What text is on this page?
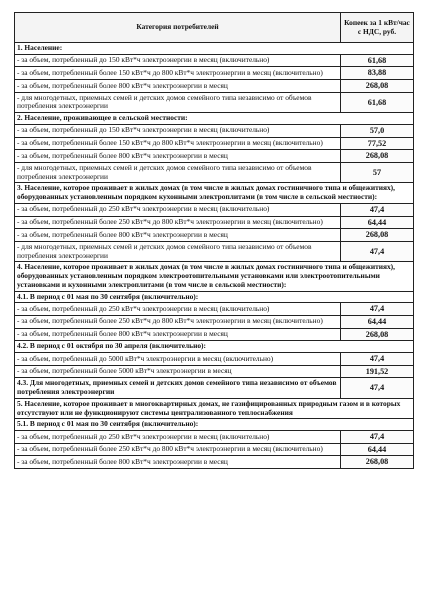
Категория потребителей	Копеек за 1 кВт/час с НДС, руб.
1. Население:	
- за объем, потребленный до 150 кВт*ч электроэнергии в месяц (включительно)	61,68
- за объем, потребленный более 150 кВт*ч до 800 кВт*ч электроэнергии в месяц (включительно)	83,88
- за объем, потребленный более 800 кВт*ч электроэнергии в месяц	268,08
- для многодетных, приемных семей и детских домов семейного типа независимо от объемов потребления электроэнергии	61,68
2. Население, проживающее в сельской местности:	
- за объем, потребленный до 150 кВт*ч электроэнергии в месяц (включительно)	57,0
- за объем, потребленный более 150 кВт*ч до 800 кВт*ч электроэнергии в месяц (включительно)	77,52
- за объем, потребленный более 800 кВт*ч электроэнергии в месяц	268,08
- для многодетных, приемных семей и детских домов семейного типа независимо от объемов потребления электроэнергии	57
3. Население, которое проживает в жилых домах (в том числе в жилых домах гостиничного типа и общежитиях), оборудованных установленным порядком кухонными электроплитами (в том числе в сельской местности):	
- за объем, потребленный до 250 кВт*ч электроэнергии в месяц (включительно)	47,4
- за объем, потребленный более 250 кВт*ч до 800 кВт*ч электроэнергии в месяц (включительно)	64,44
- за объем, потребленный более 800 кВт*ч электроэнергии в месяц	268,08
- для многодетных, приемных семей и детских домов семейного типа независимо от объемов потребления электроэнергии	47,4
4. Население, которое проживает в жилых домах (в том числе в жилых домах гостиничного типа и общежитиях), оборудованных установленным порядком электроотопительными установками или электроотопительными установками и кухонными электроплитами (в том числе в сельской местности):	
4.1. В период с 01 мая по 30 сентября (включительно):	
- за объем, потребленный до 250 кВт*ч электроэнергии в месяц (включительно)	47,4
- за объем, потребленный более 250 кВт*ч до 800 кВт*ч электроэнергии в месяц (включительно)	64,44
- за объем, потребленный более 800 кВт*ч электроэнергии в месяц	268,08
4.2. В период с 01 октября по 30 апреля (включительно):	
- за объем, потребленный до 5000 кВт*ч электроэнергии в месяц (включительно)	47,4
- за объем, потребленный более 5000 кВт*ч электроэнергии в месяц	191,52
4.3. Для многодетных, приемных семей и детских домов семейного типа независимо от объемов потребления электроэнергии	47,4
5. Население, которое проживает в многоквартирных домах, не газифицированных природным газом и в которых отсутствуют или не функционируют системы централизованного теплоснабжения	
5.1. В период с 01 мая по 30 сентября (включительно):	
- за объем, потребленный до 250 кВт*ч электроэнергии в месяц (включительно)	47,4
- за объем, потребленный более 250 кВт*ч до 800 кВт*ч электроэнергии в месяц (включительно)	64,44
- за объем, потребленный более 800 кВт*ч электроэнергии в месяц	268,08
